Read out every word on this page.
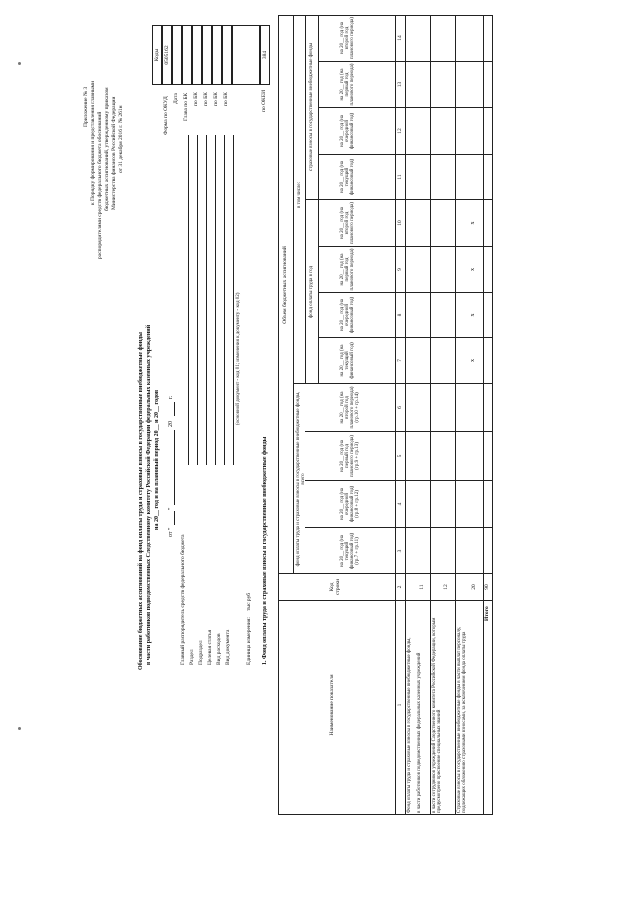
Приложение № 3 к Порядку формирования и представления главными распорядителями средств федерального бюджета обоснований бюджетных ассигнований, утвержденному приказом Министерства финансов Российской Федерации от 31 декабря 2016 г. № 261н
Обоснование бюджетных ассигнований на фонд оплаты труда и страховые взносы в государственные внебюджетные фонды в части работников подведомственных Следственному комитету Российской Федерации федеральных казенных учреждений на 20__ год и на плановый период 20__ и 20__ годов
от "
"
20
г.
Коды 0505162	384
Форма по ОКУД Дата Глава по БК по БК по БК по БК по БК	по ОКЕИ
Главный распорядитель средств федерального бюджета Раздел Подраздел Целевая статья Вид расходов Вид документа
(основной документ - код 01; изменения к документу - код 02)
Единица измерения:
тыс руб 1. Фонд оплаты труда и страховые взносы в государственные внебюджетные фонды
Наименование показателя
Код строки
Объем бюджетных ассигнований
фонд оплаты труда и страховые взносы в государственные внебюджетные фонды, всего
в том числе:
фонд оплаты труда в год
страховые взносы в государственные внебюджетные фонды
на 20__ год (на текущий финансовый год) (гр.7 + гр.11)
на 20__ год (на очередной финансовый год) (гр.8 + гр.12)
на 20__ год (на первый год планового периода) (гр.9 + гр.13)
на 20__ год (на второй год планового периода) (гр.10 + гр.14)
на 20__ год (на текущий финансовый год)
на 20__ год (на очередной финансовый год)
на 20__ год (на первый год планового периода)
на 20__ год (на второй год планового периода)
на 20__ год (на текущий финансовый год)
на 20__ год (на очередной финансовый год)
на 20__ год (на первый год планового периода)
на 20__ год (на второй год планового периода)
1
2
3
4
5
6
7
8
9
10
11
12
13
14
Фонд оплаты труда и страховые взносы в государственные внебюджетные фонды, в части работников подведомственных федеральных казенных учреждений
11
в части сотрудников учреждений Следственного комитета Российской Федерации, которым предусмотрено присвоение специальных званий
12
Страховые взносы в государственные внебюджетные фонды в части выплат персоналу, подлежащих обложению страховыми взносами, за исключением фонда оплаты труда
20
Итого
90
x
x
x
x
